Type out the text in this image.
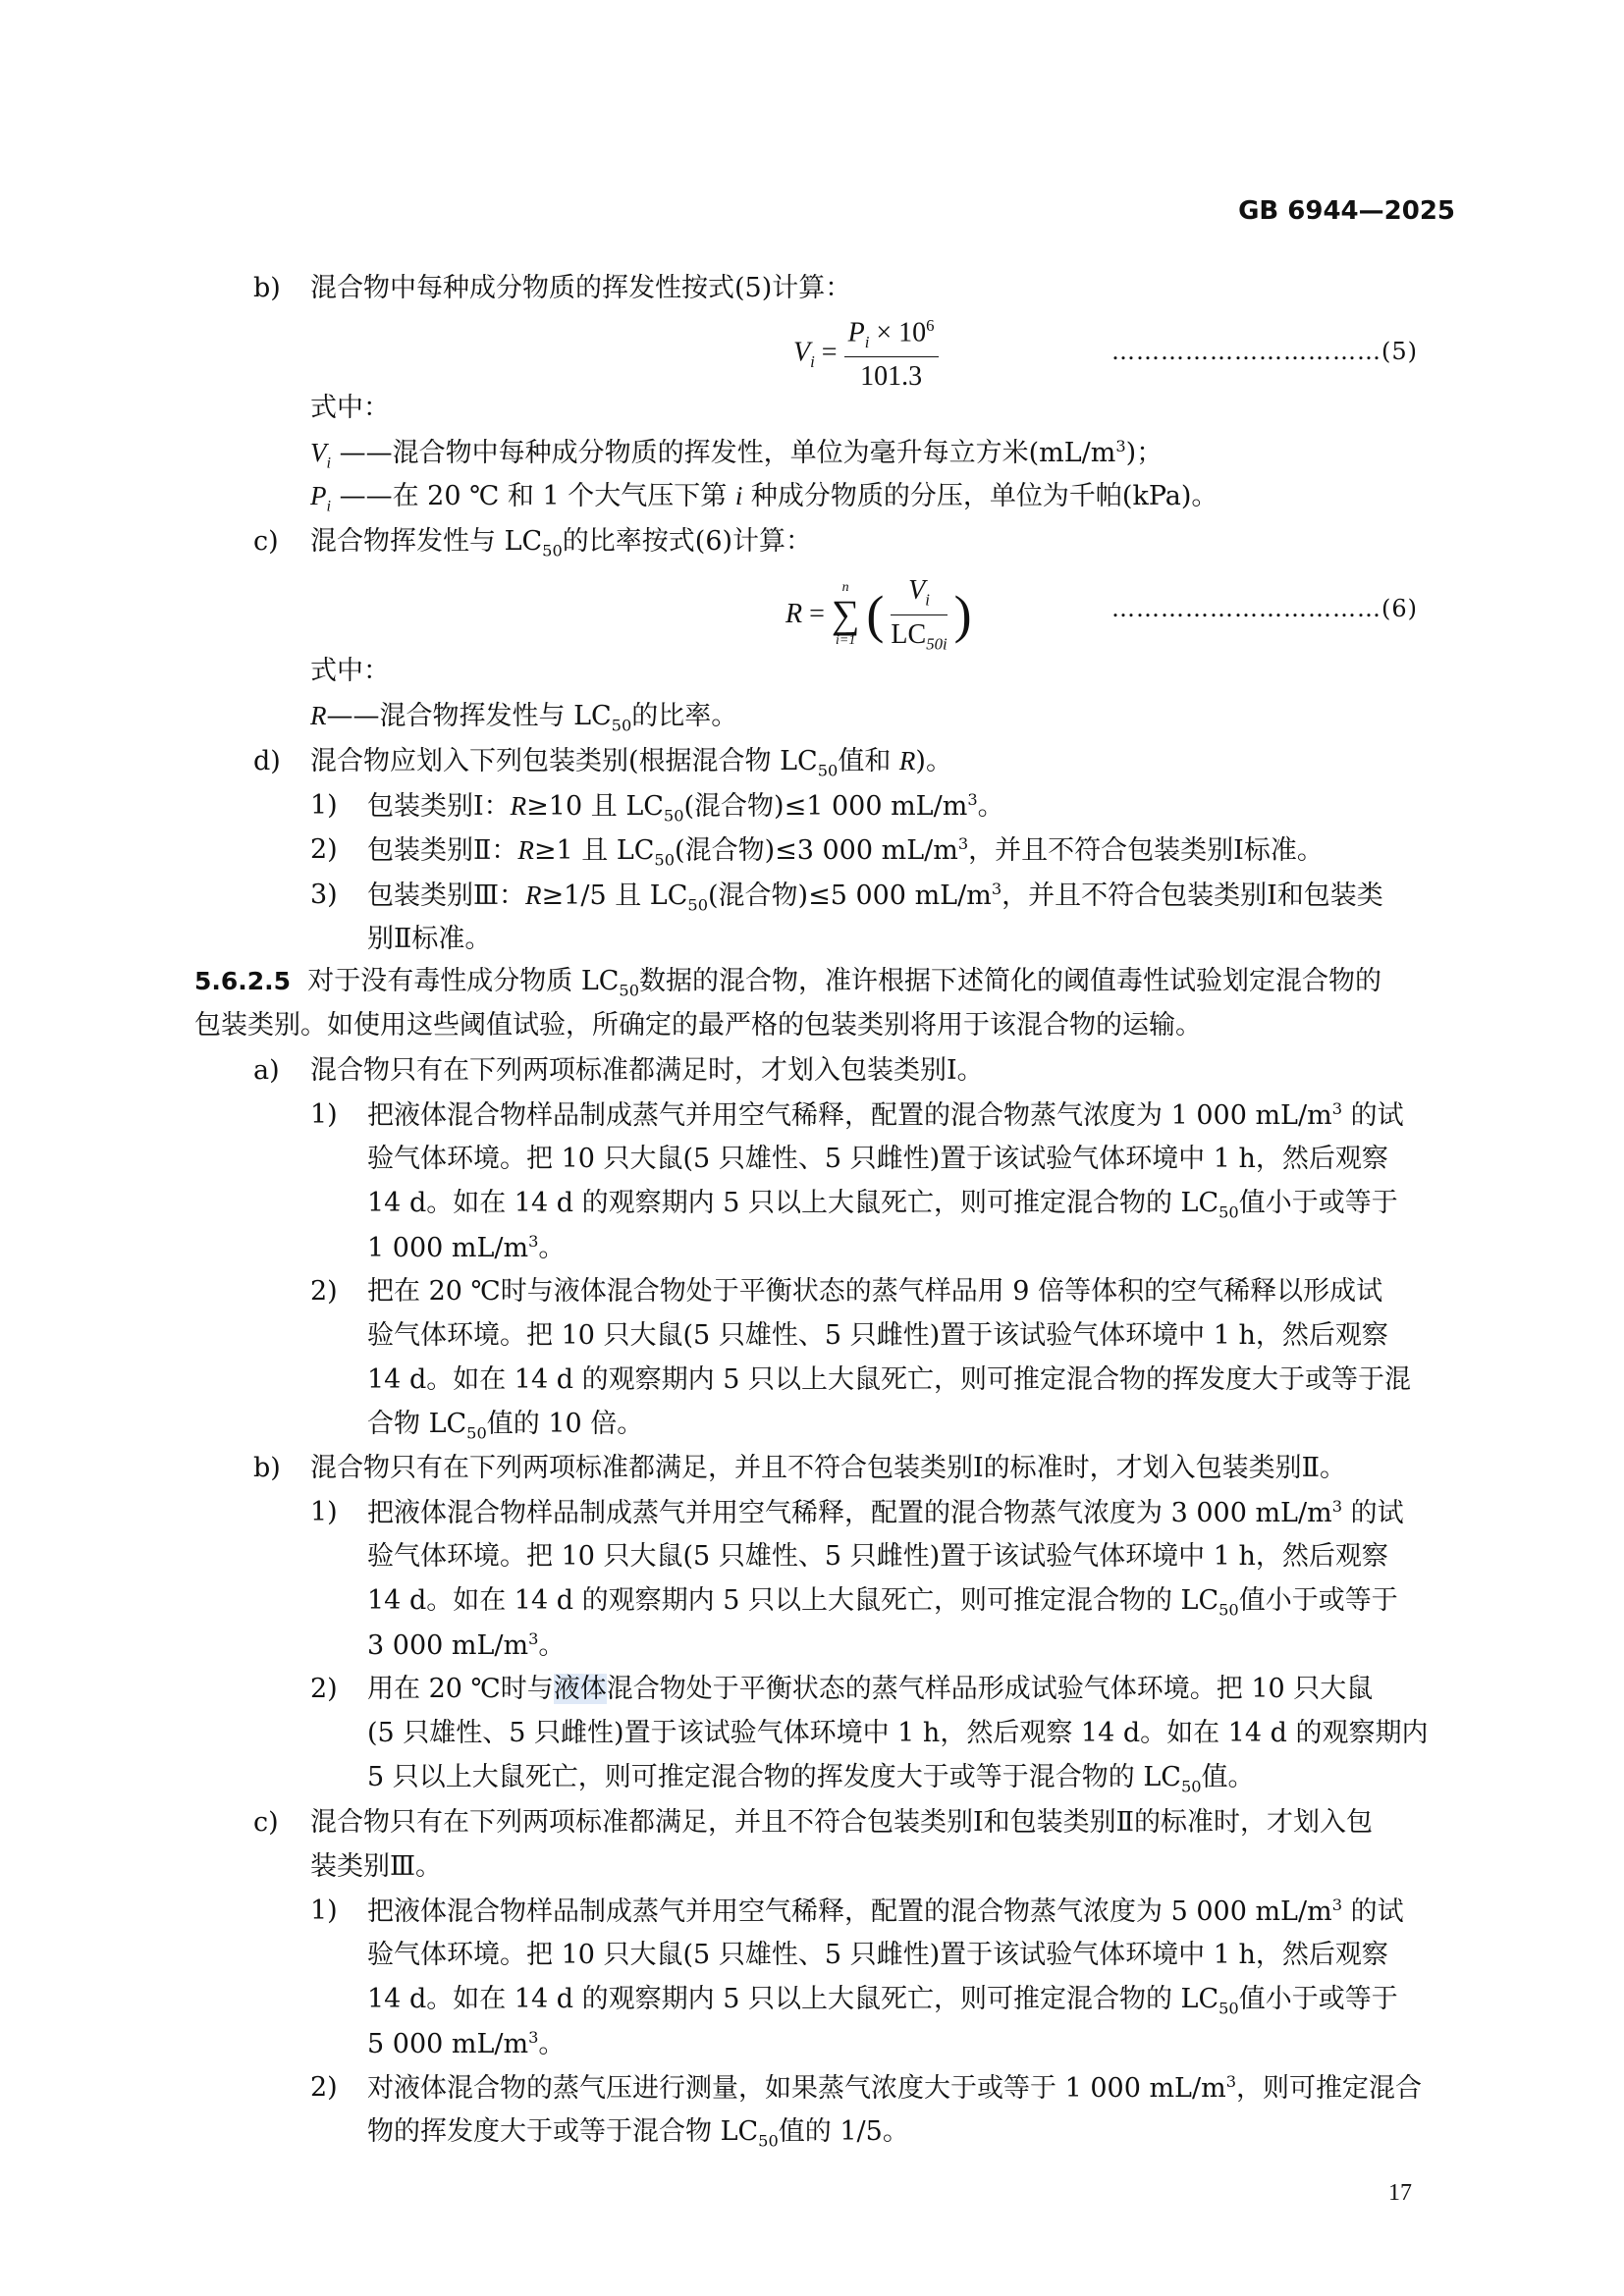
GB 6944—2025
b) 混合物中每种成分物质的挥发性按式(5)计算：
$V_i = \frac{P_i \times 10^6}{101.3}$	……………………………(5)
式中：
$V_i$ ——混合物中每种成分物质的挥发性，单位为毫升每立方米$(mL/m^3)$；
$P_i$ ——在 20 ℃ 和 1 个大气压下第 i 种成分物质的分压，单位为千帕(kPa)。
c) 混合物挥发性与 $LC_{50}$的比率按式(6)计算：
R =
n
∑
i=1 ( $\frac{V_i}{LC_{50i}}$ )	……………………………(6)
式中：
R——混合物挥发性与 $LC_{50}$的比率。
d) 混合物应划入下列包装类别(根据混合物 $LC_{50}$值和 R)。
1) 包装类别Ⅰ：R≥10 且 $LC_{50}$(混合物)≤1 000 $mL/m^3$。
2) 包装类别Ⅱ：R≥1 且 $LC_{50}$(混合物)≤3 000 $mL/m^3$，并且不符合包装类别Ⅰ标准。
3) 包装类别Ⅲ：R≥1/5 且 $LC_{50}$(混合物)≤5 000 $mL/m^3$，并且不符合包装类别Ⅰ和包装类
别Ⅱ标准。
5.6.2.5 对于没有毒性成分物质 $LC_{50}$数据的混合物，准许根据下述简化的阈值毒性试验划定混合物的
包装类别。如使用这些阈值试验，所确定的最严格的包装类别将用于该混合物的运输。
a) 混合物只有在下列两项标准都满足时，才划入包装类别Ⅰ。
1) 把液体混合物样品制成蒸气并用空气稀释，配置的混合物蒸气浓度为 1 000 $mL/m^3$ 的试
验气体环境。把 10 只大鼠(5 只雄性、5 只雌性)置于该试验气体环境中 1 h，然后观察
14 d。如在 14 d 的观察期内 5 只以上大鼠死亡，则可推定混合物的 $LC_{50}$值小于或等于
1 000 $mL/m^3$。
2) 把在 20 ℃时与液体混合物处于平衡状态的蒸气样品用 9 倍等体积的空气稀释以形成试
验气体环境。把 10 只大鼠(5 只雄性、5 只雌性)置于该试验气体环境中 1 h，然后观察
14 d。如在 14 d 的观察期内 5 只以上大鼠死亡，则可推定混合物的挥发度大于或等于混
合物 $LC_{50}$值的 10 倍。
b) 混合物只有在下列两项标准都满足，并且不符合包装类别Ⅰ的标准时，才划入包装类别Ⅱ。
1) 把液体混合物样品制成蒸气并用空气稀释，配置的混合物蒸气浓度为 3 000 $mL/m^3$ 的试
验气体环境。把 10 只大鼠(5 只雄性、5 只雌性)置于该试验气体环境中 1 h，然后观察
14 d。如在 14 d 的观察期内 5 只以上大鼠死亡，则可推定混合物的 $LC_{50}$值小于或等于
3 000 $mL/m^3$。
2) 用在 20 ℃时与液体混合物处于平衡状态的蒸气样品形成试验气体环境。把 10 只大鼠
(5 只雄性、5 只雌性)置于该试验气体环境中 1 h，然后观察 14 d。如在 14 d 的观察期内
5 只以上大鼠死亡，则可推定混合物的挥发度大于或等于混合物的 $LC_{50}$值。
c) 混合物只有在下列两项标准都满足，并且不符合包装类别Ⅰ和包装类别Ⅱ的标准时，才划入包
装类别Ⅲ。
1) 把液体混合物样品制成蒸气并用空气稀释，配置的混合物蒸气浓度为 5 000 $mL/m^3$ 的试
验气体环境。把 10 只大鼠(5 只雄性、5 只雌性)置于该试验气体环境中 1 h，然后观察
14 d。如在 14 d 的观察期内 5 只以上大鼠死亡，则可推定混合物的 $LC_{50}$值小于或等于
5 000 $mL/m^3$。
2) 对液体混合物的蒸气压进行测量，如果蒸气浓度大于或等于 1 000 $mL/m^3$，则可推定混合
物的挥发度大于或等于混合物 $LC_{50}$值的 1/5。
17
